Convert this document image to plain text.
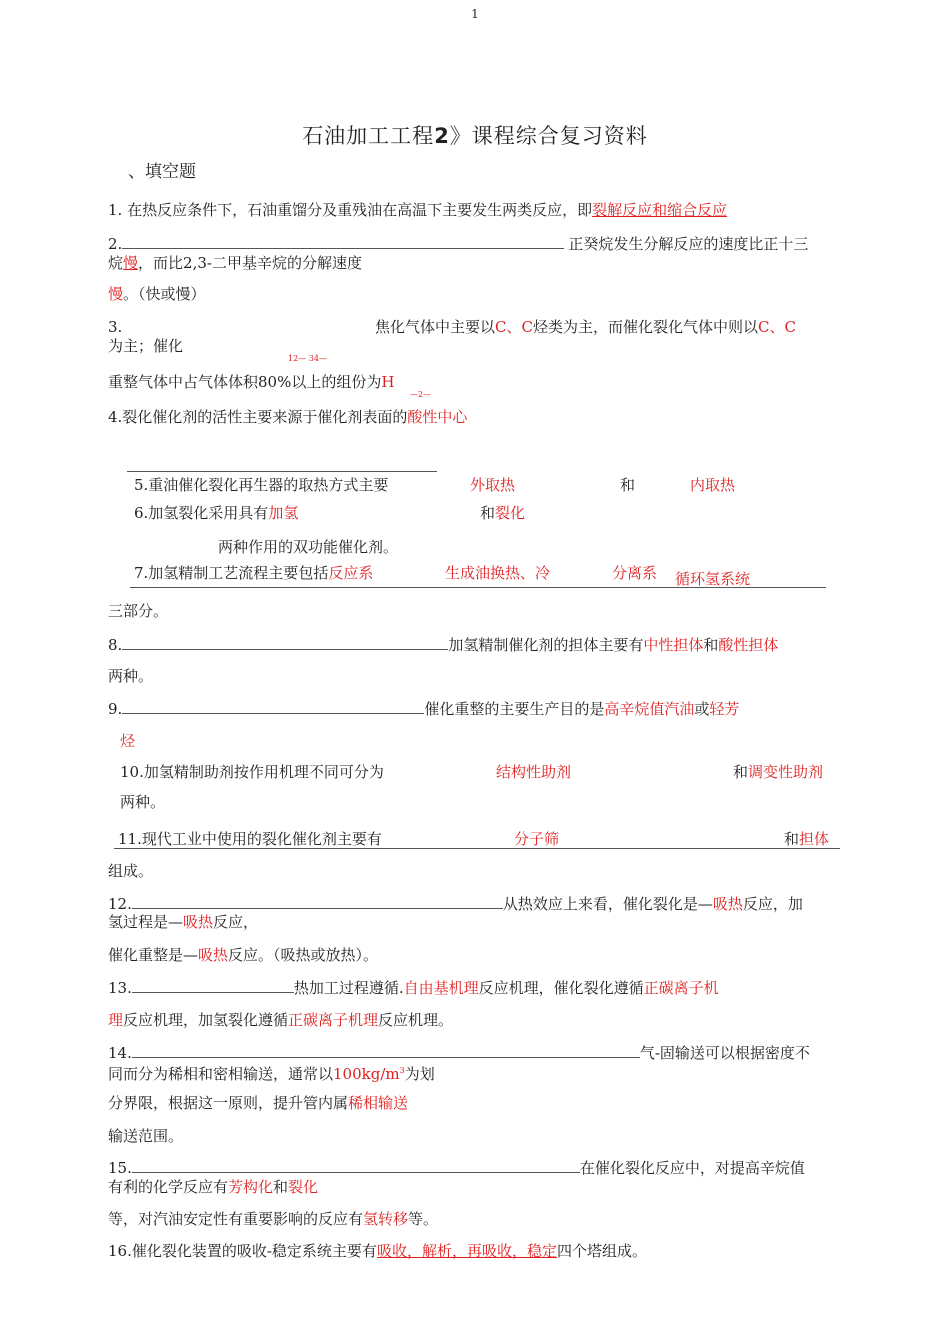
1
石油加工工程2》课程综合复习资料
、填空题
1. 在热反应条件下，石油重馏分及重残油在高温下主要发生两类反应，即裂解反应和缩合反应
2.	正癸烷发生分解反应的速度比正十三
烷慢，而比2,3-二甲基辛烷的分解速度
慢。（快或慢）
3.	焦化气体中主要以C、C烃类为主，而催化裂化气体中则以C、C
为主；催化
12— 34—
重整气体中占气体体积80%以上的组份为H
—2—
4.裂化催化剂的活性主要来源于催化剂表面的酸性中心
5.重油催化裂化再生器的取热方式主要	外取热	和	内取热
6.加氢裂化采用具有加氢	和裂化
两种作用的双功能催化剂。
7.加氢精制工艺流程主要包括反应系	生成油换热、冷	分离系 循环氢系统
三部分。
8.	加氢精制催化剂的担体主要有中性担体和酸性担体
两种。
9.	催化重整的主要生产目的是高辛烷值汽油或轻芳
烃
10.加氢精制助剂按作用机理不同可分为	结构性助剂	和调变性助剂
两种。
11.现代工业中使用的裂化催化剂主要有	分子筛	和担体
组成。
12.	从热效应上来看，催化裂化是—吸热反应，加
氢过程是—吸热反应，
催化重整是—吸热反应。（吸热或放热）。
13.	热加工过程遵循.自由基机理反应机理，催化裂化遵循正碳离子机
理反应机理，加氢裂化遵循正碳离子机理反应机理。
14.	气-固输送可以根据密度不
同而分为稀相和密相输送，通常以$100kg/m^3$为划
分界限，根据这一原则，提升管内属稀相输送
输送范围。
15.	在催化裂化反应中，对提高辛烷值
有利的化学反应有芳构化和裂化
等，对汽油安定性有重要影响的反应有氢转移等。
16.催化裂化装置的吸收-稳定系统主要有吸收，解析，再吸收，稳定四个塔组成。
